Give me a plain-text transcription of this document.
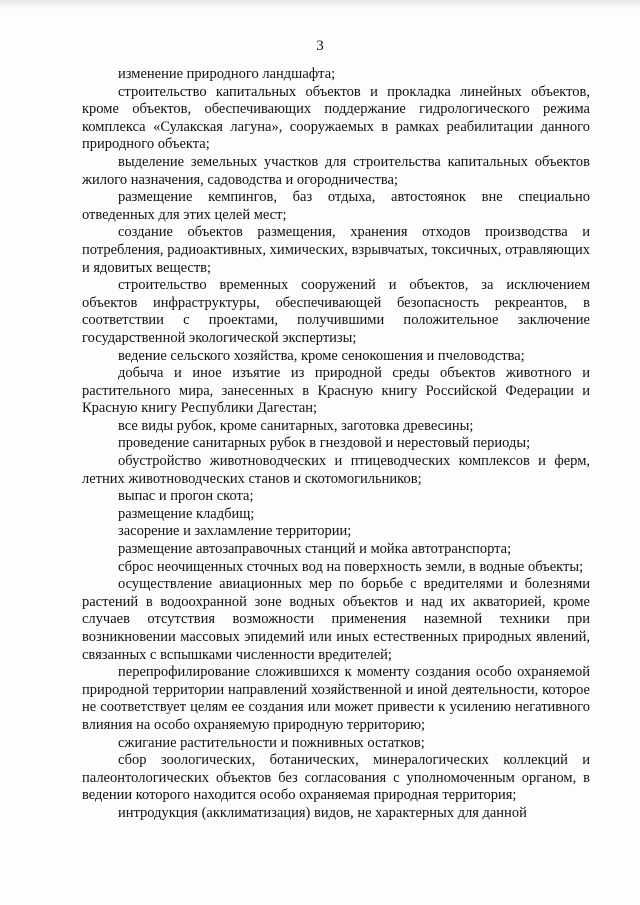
3

изменение природного ландшафта;

строительство капитальных объектов и прокладка линейных объектов, кроме объектов, обеспечивающих поддержание гидрологического режима комплекса «Сулакская лагуна», сооружаемых в рамках реабилитации данного природного объекта;

выделение земельных участков для строительства капитальных объектов жилого назначения, садоводства и огородничества;

размещение кемпингов, баз отдыха, автостоянок вне специально отведенных для этих целей мест;

создание объектов размещения, хранения отходов производства и потребления, радиоактивных, химических, взрывчатых, токсичных, отравляющих и ядовитых веществ;

строительство временных сооружений и объектов, за исключением объектов инфраструктуры, обеспечивающей безопасность рекреантов, в соответствии с проектами, получившими положительное заключение государственной экологической экспертизы;

ведение сельского хозяйства, кроме сенокошения и пчеловодства;

добыча и иное изъятие из природной среды объектов животного и растительного мира, занесенных в Красную книгу Российской Федерации и Красную книгу Республики Дагестан;

все виды рубок, кроме санитарных, заготовка древесины;

проведение санитарных рубок в гнездовой и нерестовый периоды;

обустройство животноводческих и птицеводческих комплексов и ферм, летних животноводческих станов и скотомогильников;

выпас и прогон скота;

размещение кладбищ;

засорение и захламление территории;

размещение автозаправочных станций и мойка автотранспорта;

сброс неочищенных сточных вод на поверхность земли, в водные объекты;

осуществление авиационных мер по борьбе с вредителями и болезнями растений в водоохранной зоне водных объектов и над их акваторией, кроме случаев отсутствия возможности применения наземной техники при возникновении массовых эпидемий или иных естественных природных явлений, связанных с вспышками численности вредителей;

перепрофилирование сложившихся к моменту создания особо охраняемой природной территории направлений хозяйственной и иной деятельности, которое не соответствует целям ее создания или может привести к усилению негативного влияния на особо охраняемую природную территорию;

сжигание растительности и пожнивных остатков;

сбор зоологических, ботанических, минералогических коллекций и палеонтологических объектов без согласования с уполномоченным органом, в ведении которого находится особо охраняемая природная территория;

интродукция (акклиматизация) видов, не характерных для данной
